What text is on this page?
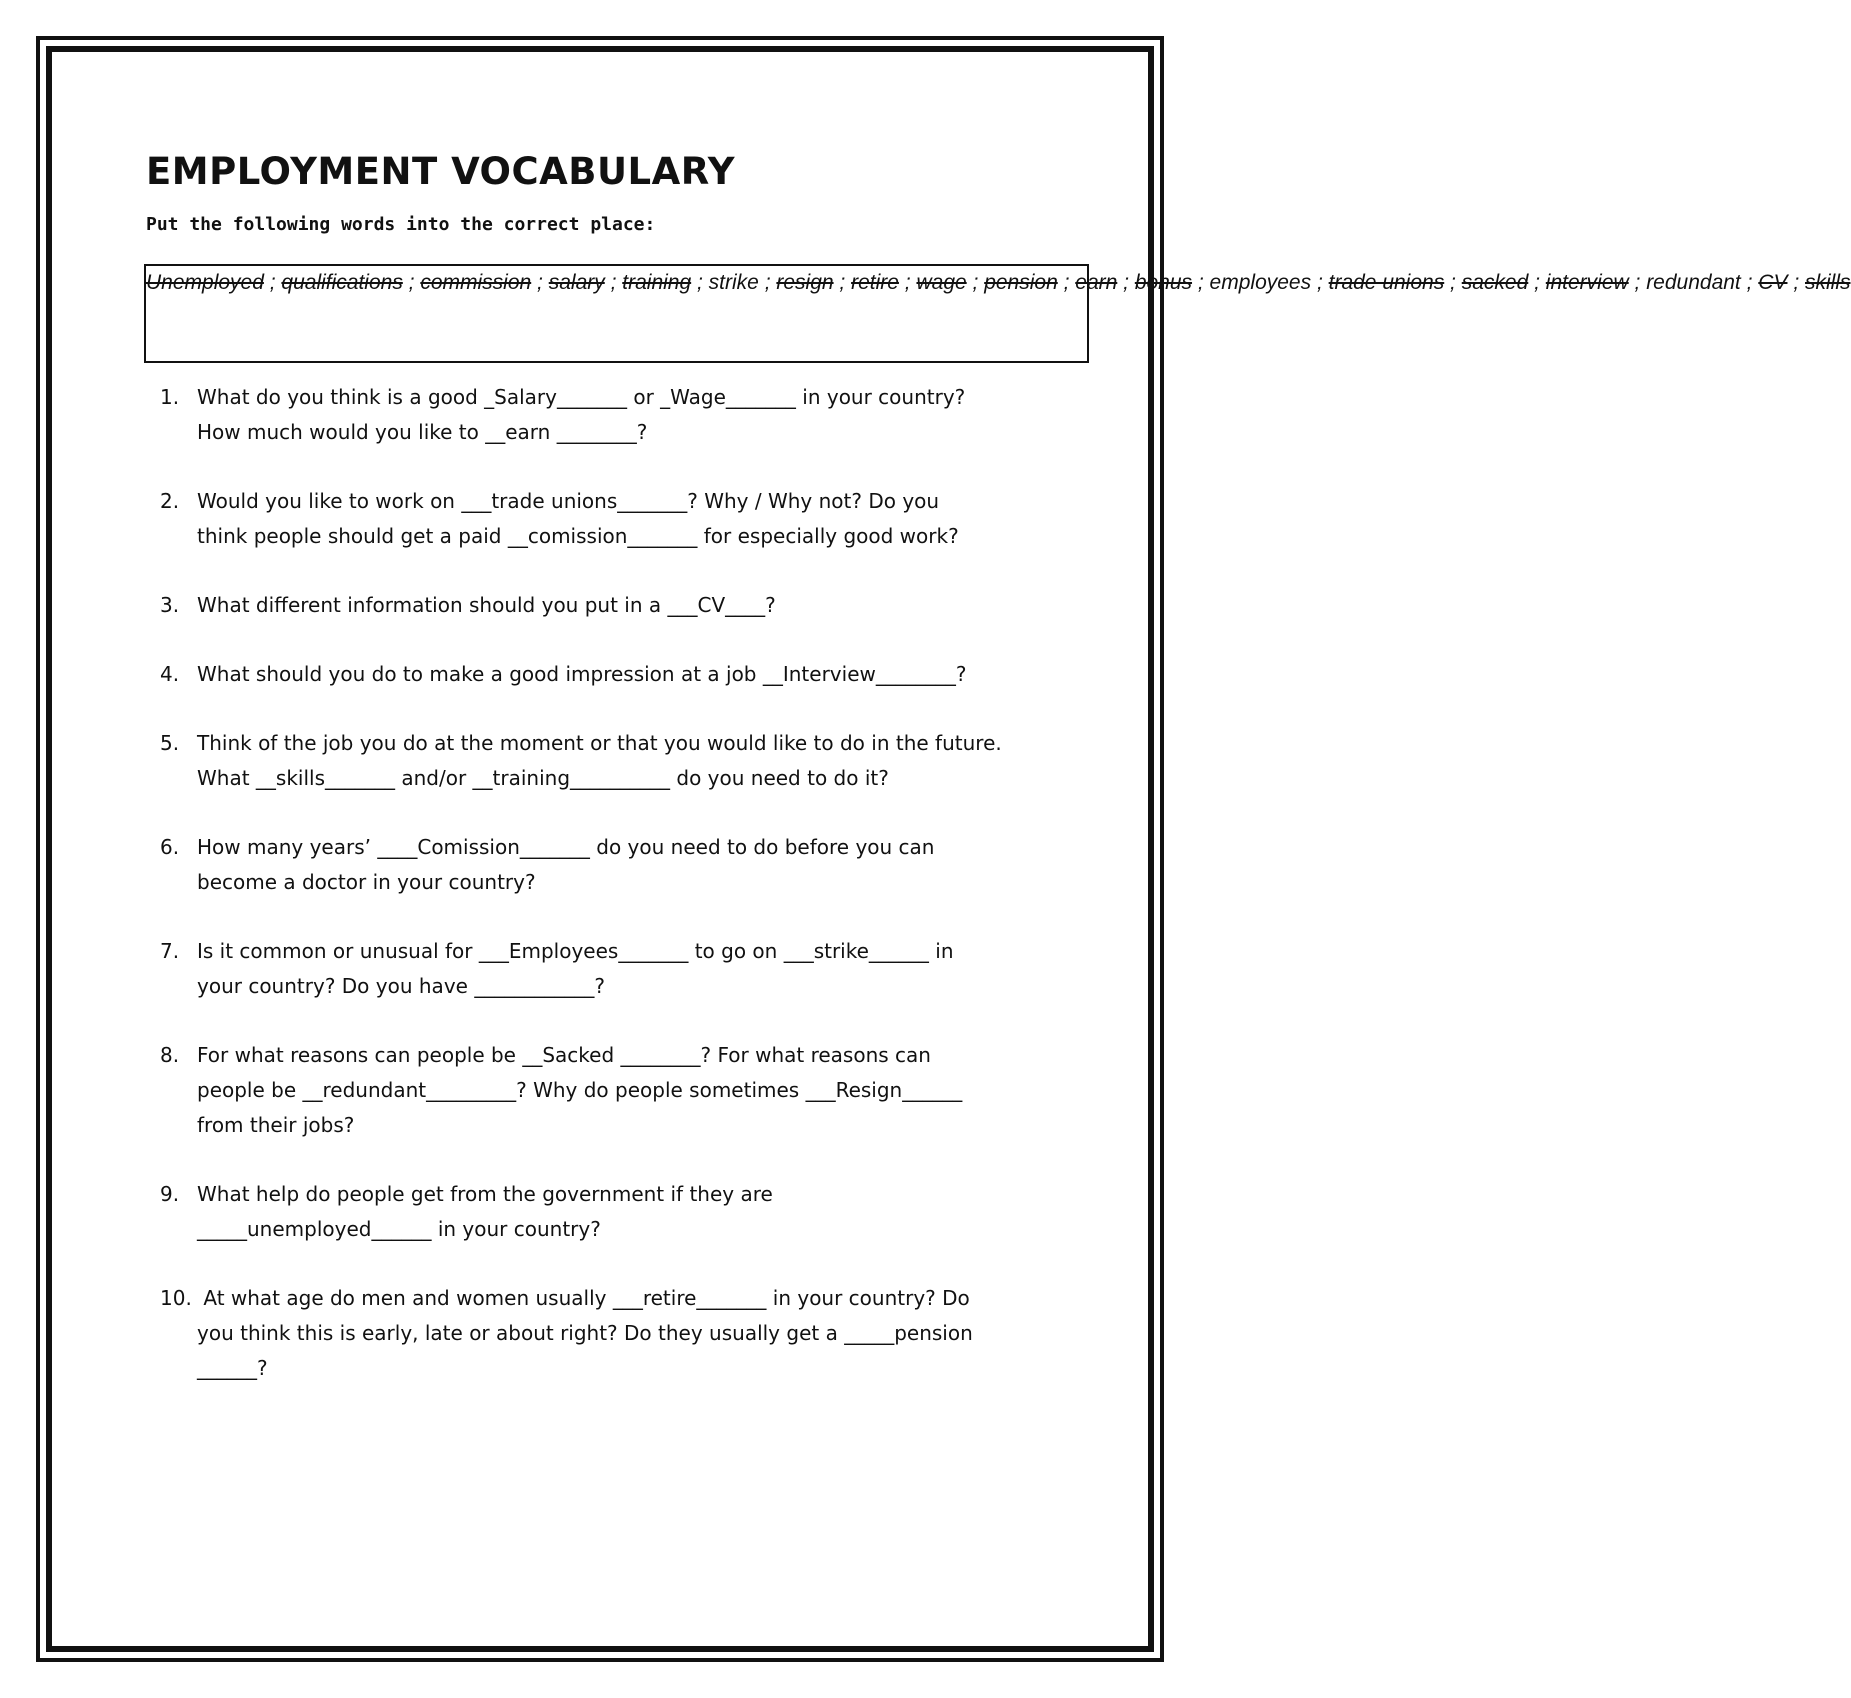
EMPLOYMENT VOCABULARY

Put the following words into the correct place:

Unemployed ; qualifications ; commission ; salary ; training ; strike ; resign ; retire ; wage ; pension ; earn ; bonus ; employees ; trade unions ; sacked ; interview ; redundant ; CV ; skills
1. What do you think is a good _Salary_______ or _Wage_______ in your country?
How much would you like to __earn ________?
2. Would you like to work on ___trade unions_______? Why / Why not? Do you
think people should get a paid __comission_______ for especially good work?
3. What different information should you put in a ___CV____?
4. What should you do to make a good impression at a job __Interview________?
5. Think of the job you do at the moment or that you would like to do in the future.
What __skills_______ and/or __training__________ do you need to do it?
6. How many years’ ____Comission_______ do you need to do before you can
become a doctor in your country?
7. Is it common or unusual for ___Employees_______ to go on ___strike______ in
your country? Do you have ____________?
8. For what reasons can people be __Sacked ________? For what reasons can
people be __redundant_________? Why do people sometimes ___Resign______
from their jobs?
9. What help do people get from the government if they are
_____unemployed______ in your country?
10. At what age do men and women usually ___retire_______ in your country? Do
you think this is early, late or about right? Do they usually get a _____pension
______?
